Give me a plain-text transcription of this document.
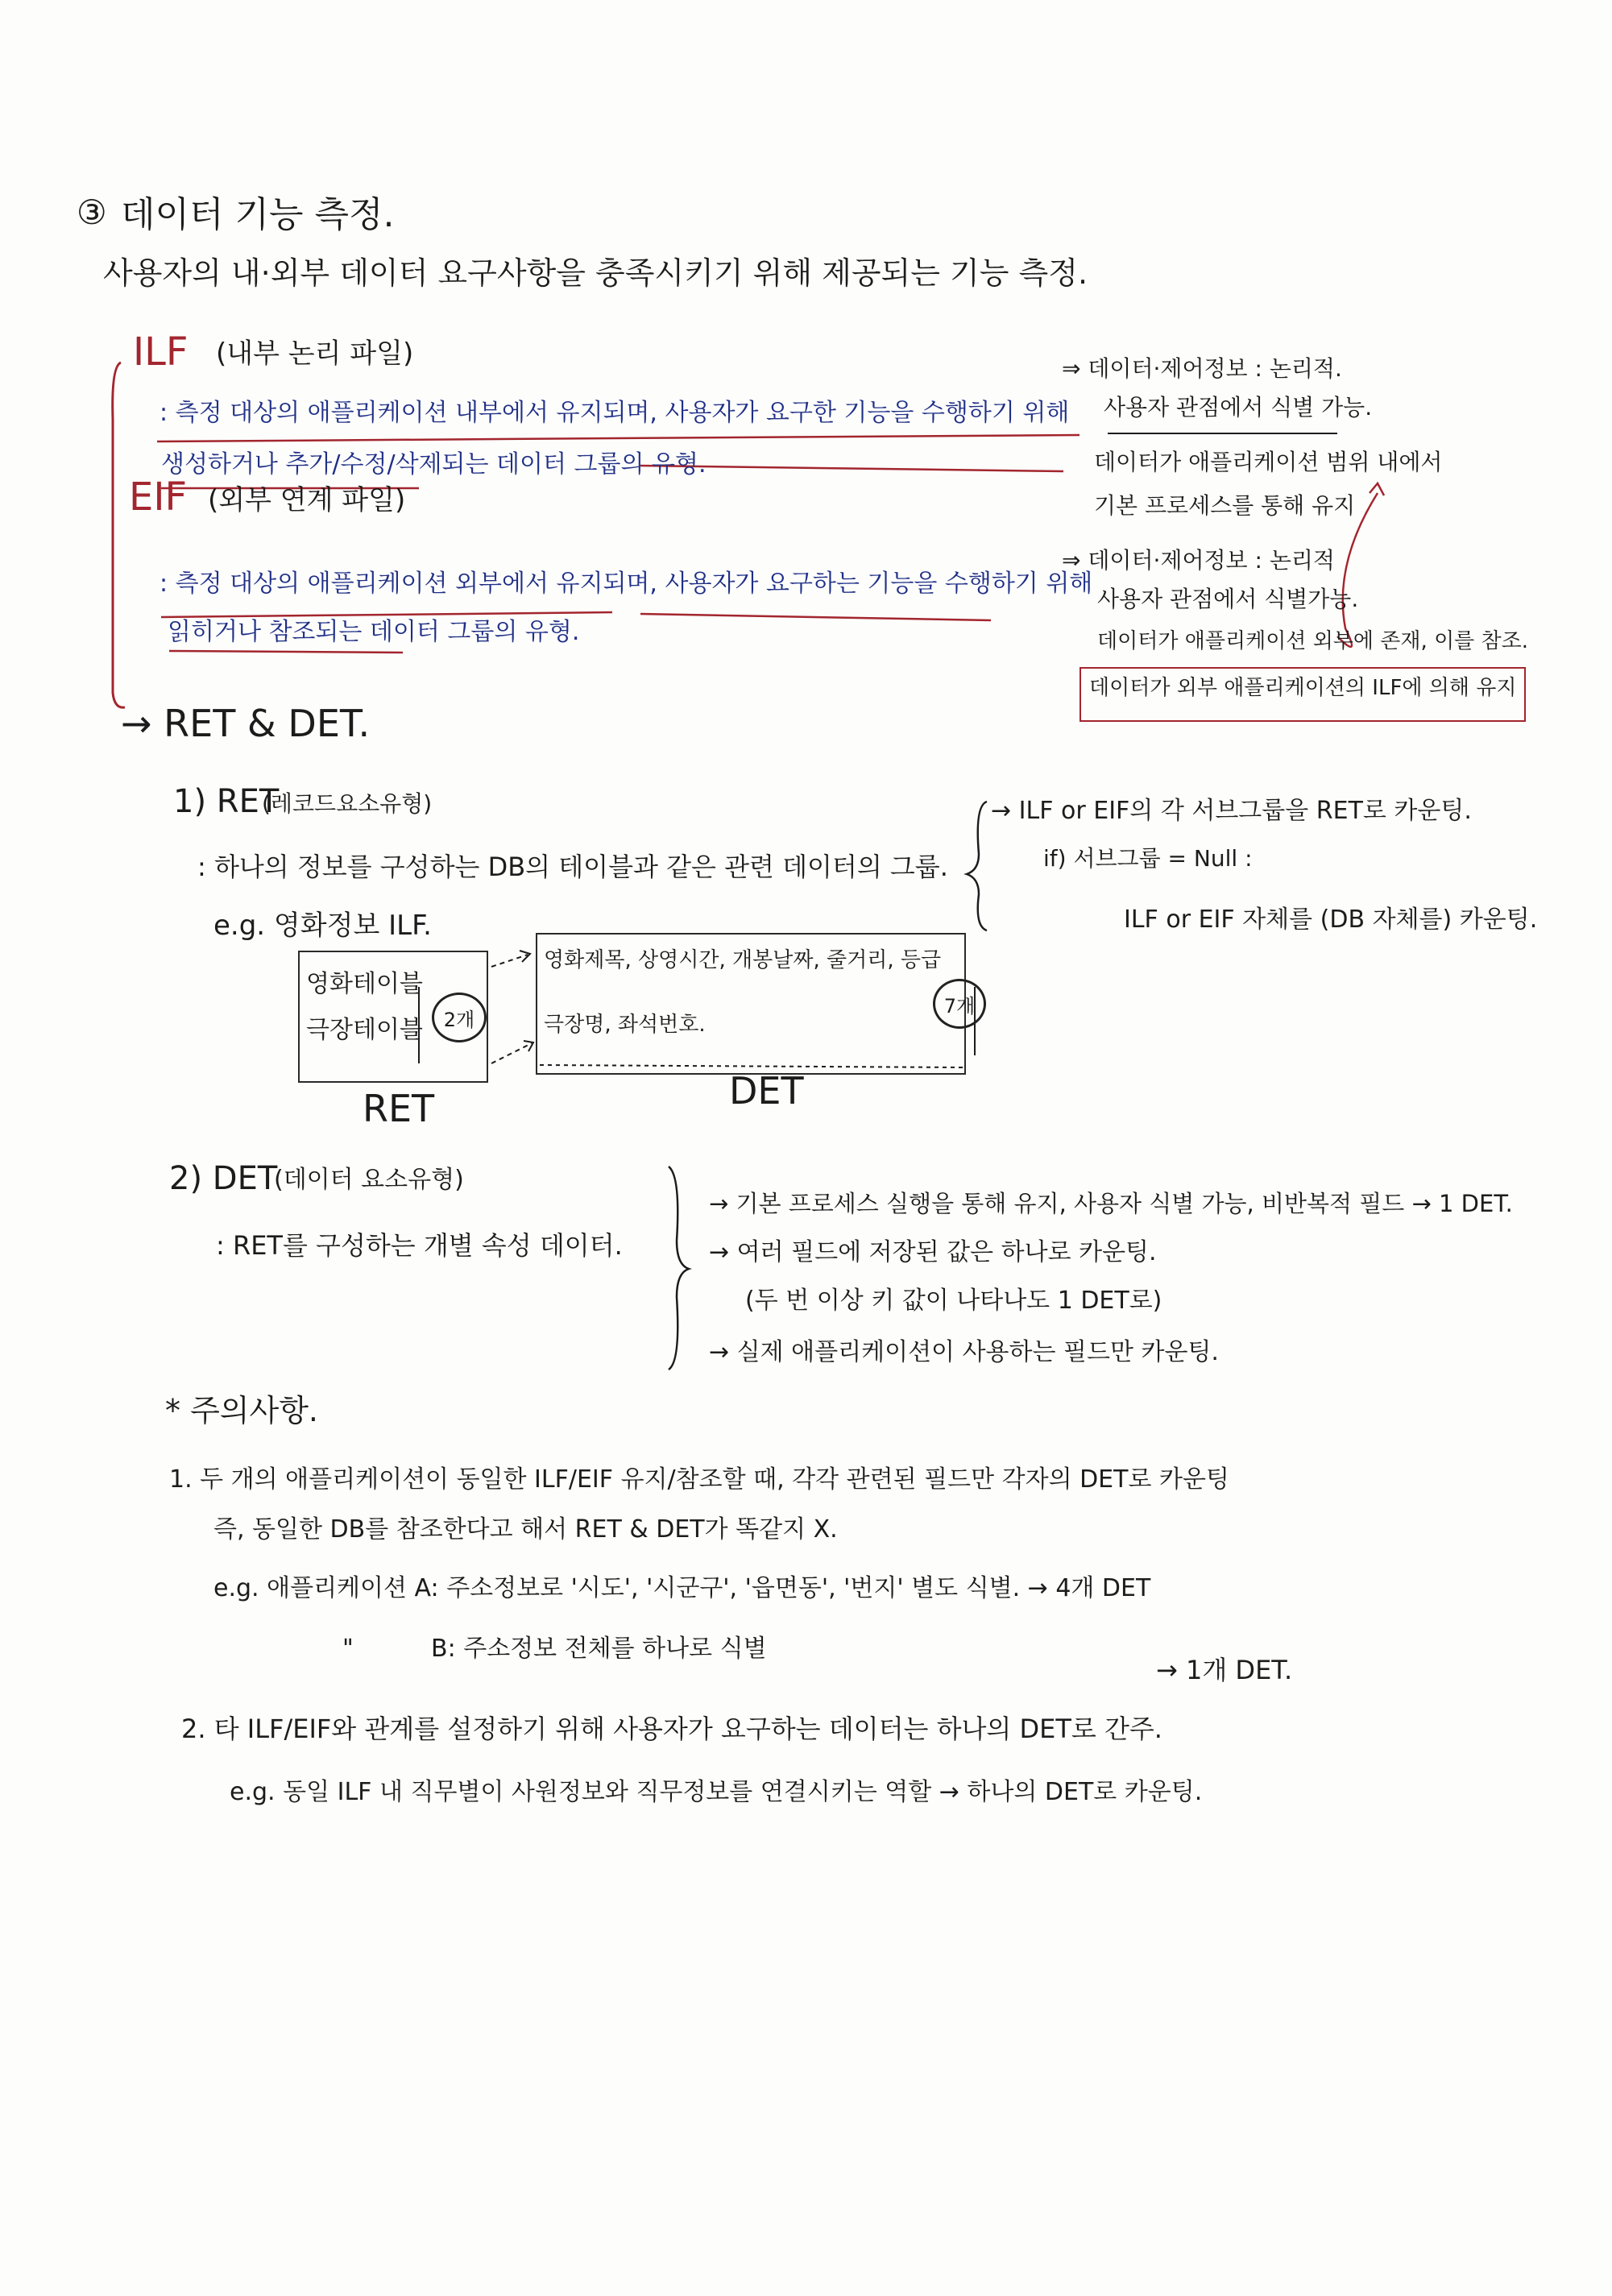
③ 데이터 기능 측정.
사용자의 내·외부 데이터 요구사항을 충족시키기 위해 제공되는 기능 측정.
ILF (내부 논리 파일)
: 측정 대상의 애플리케이션 내부에서 유지되며, 사용자가 요구한 기능을 수행하기 위해
생성하거나 추가/수정/삭제되는 데이터 그룹의 유형.
EIF (외부 연계 파일)
: 측정 대상의 애플리케이션 외부에서 유지되며, 사용자가 요구하는 기능을 수행하기 위해
읽히거나 참조되는 데이터 그룹의 유형.
⇒ 데이터·제어정보 : 논리적.
사용자 관점에서 식별 가능.
데이터가 애플리케이션 범위 내에서
기본 프로세스를 통해 유지
⇒ 데이터·제어정보 : 논리적
사용자 관점에서 식별가능.
데이터가 애플리케이션 외부에 존재, 이를 참조.
데이터가 외부 애플리케이션의 ILF에 의해 유지
→ RET & DET.
1) RET
(레코드요소유형)
: 하나의 정보를 구성하는 DB의 테이블과 같은 관련 데이터의 그룹.
e.g. 영화정보 ILF.
영화테이블
극장테이블 2개
RET
영화제목, 상영시간, 개봉날짜, 줄거리, 등급
극장명, 좌석번호.
7개
DET
→ ILF or EIF의 각 서브그룹을 RET로 카운팅.
if) 서브그룹 = Null :
ILF or EIF 자체를 (DB 자체를) 카운팅.
2) DET
(데이터 요소유형)
: RET를 구성하는 개별 속성 데이터.
→ 기본 프로세스 실행을 통해 유지, 사용자 식별 가능, 비반복적 필드 → 1 DET.
→ 여러 필드에 저장된 값은 하나로 카운팅.
(두 번 이상 키 값이 나타나도 1 DET로)
→ 실제 애플리케이션이 사용하는 필드만 카운팅.
* 주의사항.
1. 두 개의 애플리케이션이 동일한 ILF/EIF 유지/참조할 때, 각각 관련된 필드만 각자의 DET로 카운팅
즉, 동일한 DB를 참조한다고 해서 RET & DET가 똑같지 X.
e.g. 애플리케이션 A: 주소정보로 '시도', '시군구', '읍면동', '번지' 별도 식별. → 4개 DET
"	B: 주소정보 전체를 하나로 식별
→ 1개 DET.
2. 타 ILF/EIF와 관계를 설정하기 위해 사용자가 요구하는 데이터는 하나의 DET로 간주.
e.g. 동일 ILF 내 직무별이 사원정보와 직무정보를 연결시키는 역할 → 하나의 DET로 카운팅.
